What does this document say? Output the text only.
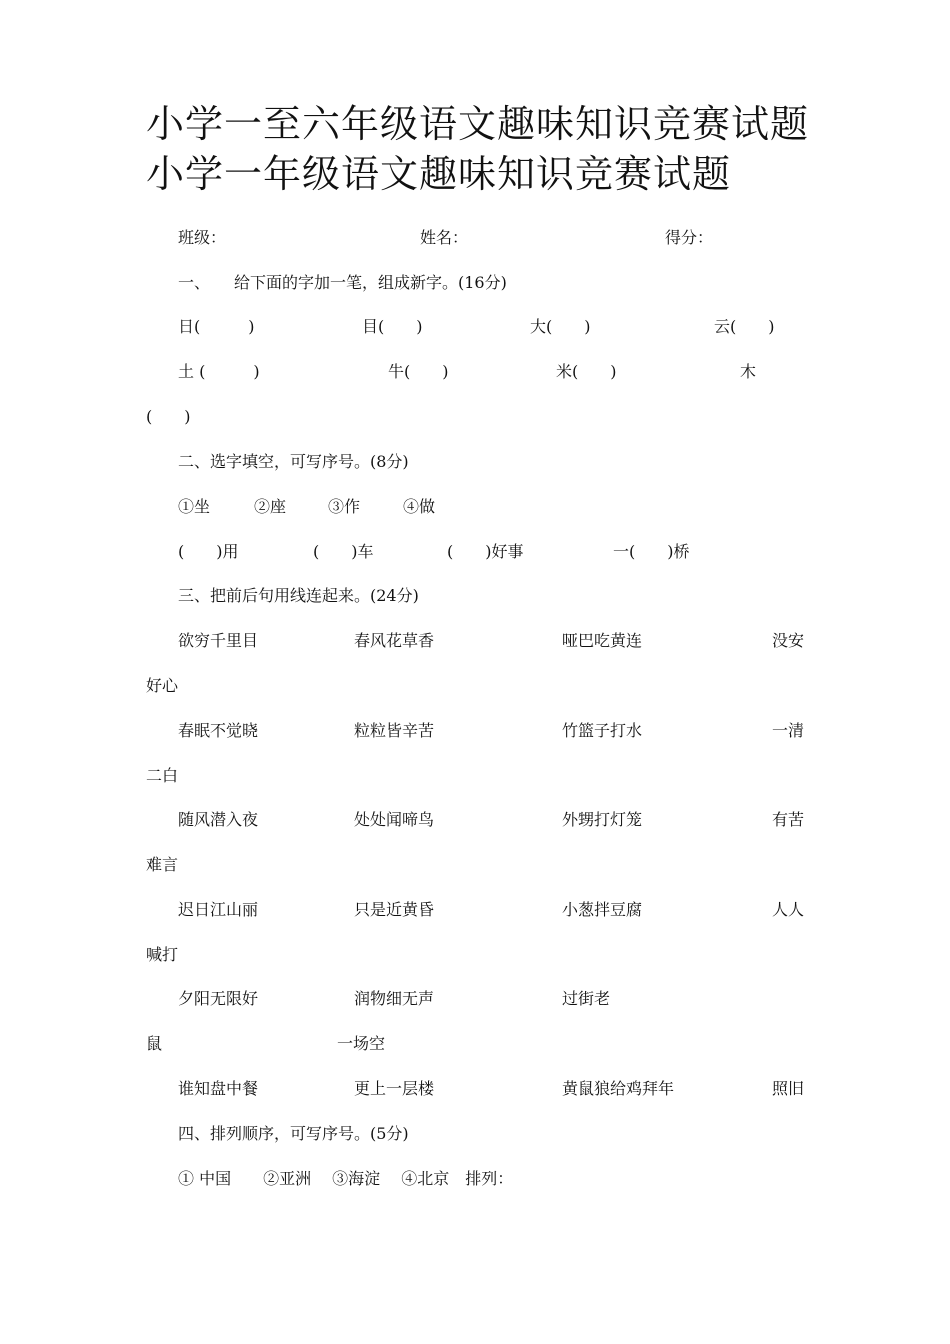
小学一至六年级语文趣味知识竞赛试题
小学一年级语文趣味知识竞赛试题
班级：	姓名：	得分：
一、　　给下面的字加一笔，组成新字。(16分)
日(　　　)	目(　　)	大(　　)	云(　　)
土 (　　　)	牛(　　)	米(　　)	木
(　　)
二、选字填空，可写序号。(8分)
①坐	②座	③作	④做
(　　)用	(　　)车	(　　)好事	一(　　)桥
三、把前后句用线连起来。(24分)
欲穷千里目	春风花草香	哑巴吃黄连	没安
好心
春眠不觉晓	粒粒皆辛苦	竹篮子打水	一清
二白
随风潜入夜	处处闻啼鸟	外甥打灯笼	有苦
难言
迟日江山丽	只是近黄昏	小葱拌豆腐	人人
喊打
夕阳无限好	润物细无声	过街老
鼠	一场空
谁知盘中餐	更上一层楼	黄鼠狼给鸡拜年	照旧
四、排列顺序，可写序号。(5分)
① 中国　　②亚洲　 ③海淀　 ④北京　排列：
